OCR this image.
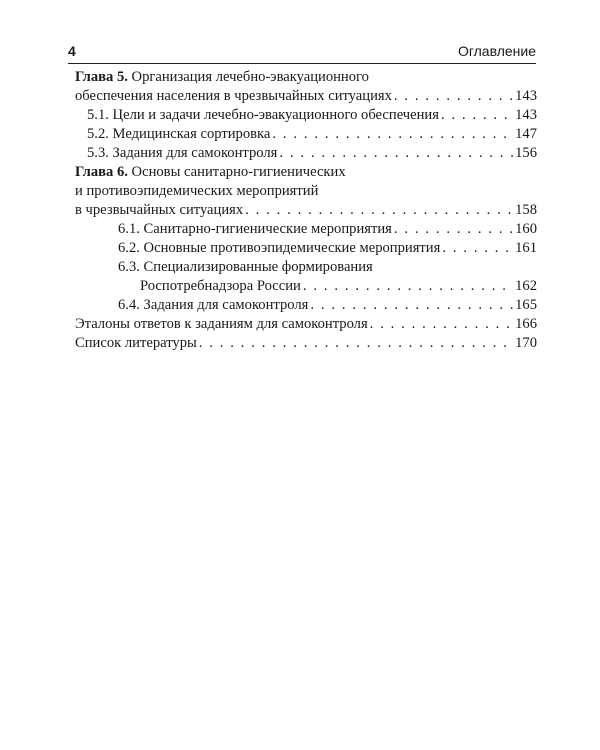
4	Оглавление
Глава 5. Организация лечебно-эвакуационного
обеспечения населения в чрезвычайных ситуациях . . .	143
5.1. Цели и задачи лечебно-эвакуационного обеспечения . . .	143
5.2. Медицинская сортировка . . .	147
5.3. Задания для самоконтроля . . .	156
Глава 6. Основы санитарно-гигиенических
и противоэпидемических мероприятий
в чрезвычайных ситуациях . . .	158
6.1. Санитарно-гигиенические мероприятия . . .	160
6.2. Основные противоэпидемические мероприятия . . .	161
6.3. Специализированные формирования
Роспотребнадзора России . . .	162
6.4. Задания для самоконтроля . . .	165
Эталоны ответов к заданиям для самоконтроля . . .	166
Список литературы . . .	170
